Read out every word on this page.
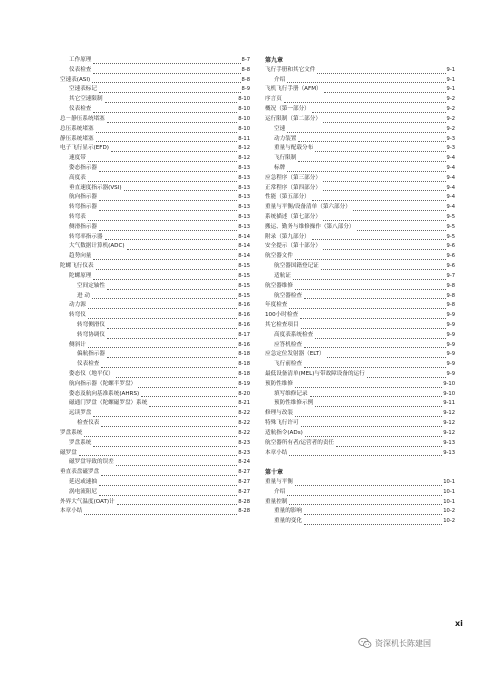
工作原理	8-7
仪表检查	8-8
空速表(ASI)	8-8
空速表标记	8-9
其它空速限制	8-10
仪表检查	8-10
总－静压系统堵塞	8-10
总压系统堵塞	8-10
静压系统堵塞	8-11
电子飞行显示(EFD)	8-12
速度带	8-12
姿态指示器	8-13
高度表	8-13
垂直速度指示器(VSI)	8-13
航向指示器	8-13
转弯指示器	8-13
转弯表	8-13
侧滑指示器	8-13
转弯率指示器	8-14
大气数据计算机(ADC)	8-14
趋势向量	8-14
陀螺飞行仪表	8-15
陀螺原理	8-15
空间定轴性	8-15
进 动	8-15
动力源	8-16
转弯仪	8-16
转弯侧滑仪	8-16
转弯协调仪	8-17
侧斜计	8-16
偏航指示器	8-18
仪表检查	8-18
姿态仪（地平仪）	8-18
航向指示器（陀螺半罗盘）	8-19
姿态及航向基准系统(AHRS)	8-20
磁通门罗盘（陀螺磁罗盘）系统	8-21
远读罗盘	8-22
检查仪表	8-22
罗盘系统	8-22
罗盘系统	8-23
磁罗盘	8-23
磁罗盘导致的误差	8-24
垂直表盘磁罗盘	8-27
延迟或速抽	8-27
涡电流阻尼	8-27
外界大气温度(OAT)计	8-28
本章小结	8-28
第九章
飞行手册和其它文件	9-1
介绍	9-1
飞机飞行手册（AFM）	9-1
序言页	9-2
概况（第一部分）	9-2
运行限制（第二部分）	9-2
空速	9-2
动力装置	9-3
重量与配载分布	9-3
飞行限制	9-4
标牌	9-4
应急程序（第三部分）	9-4
正常程序（第四部分）	9-4
性能（第五部分）	9-4
重量与平衡/设备清单（第六部分）	9-4
系统描述（第七部分）	9-5
搬运、勤务与维修操作（第八部分）	9-5
附录（第九部分）	9-5
安全提示（第十部分）	9-6
航空器文件	9-6
航空器国籍登记证	9-6
适航证	9-7
航空器维修	9-8
航空器检查	9-8
年度检查	9-8
100小时检查	9-9
其它检查项目	9-9
高度表系统检查	9-9
应答机检查	9-9
应急定位发射器（ELT）	9-9
飞行前检查	9-9
最低设备清单(MEL)与带故障设备的运行	9-9
预防性维修	9-10
填写维修记录	9-10
预防性维修示例	9-11
修理与改装	9-12
特殊飞行许可	9-12
适航指令(ADs)	9-12
航空器所有者/运营者的责任	9-13
本章小结	9-13
第十章
重量与平衡	10-1
介绍	10-1
重量控制	10-1
重量的影响	10-2
重量的变化	10-2
xi
资深机长陈建国
